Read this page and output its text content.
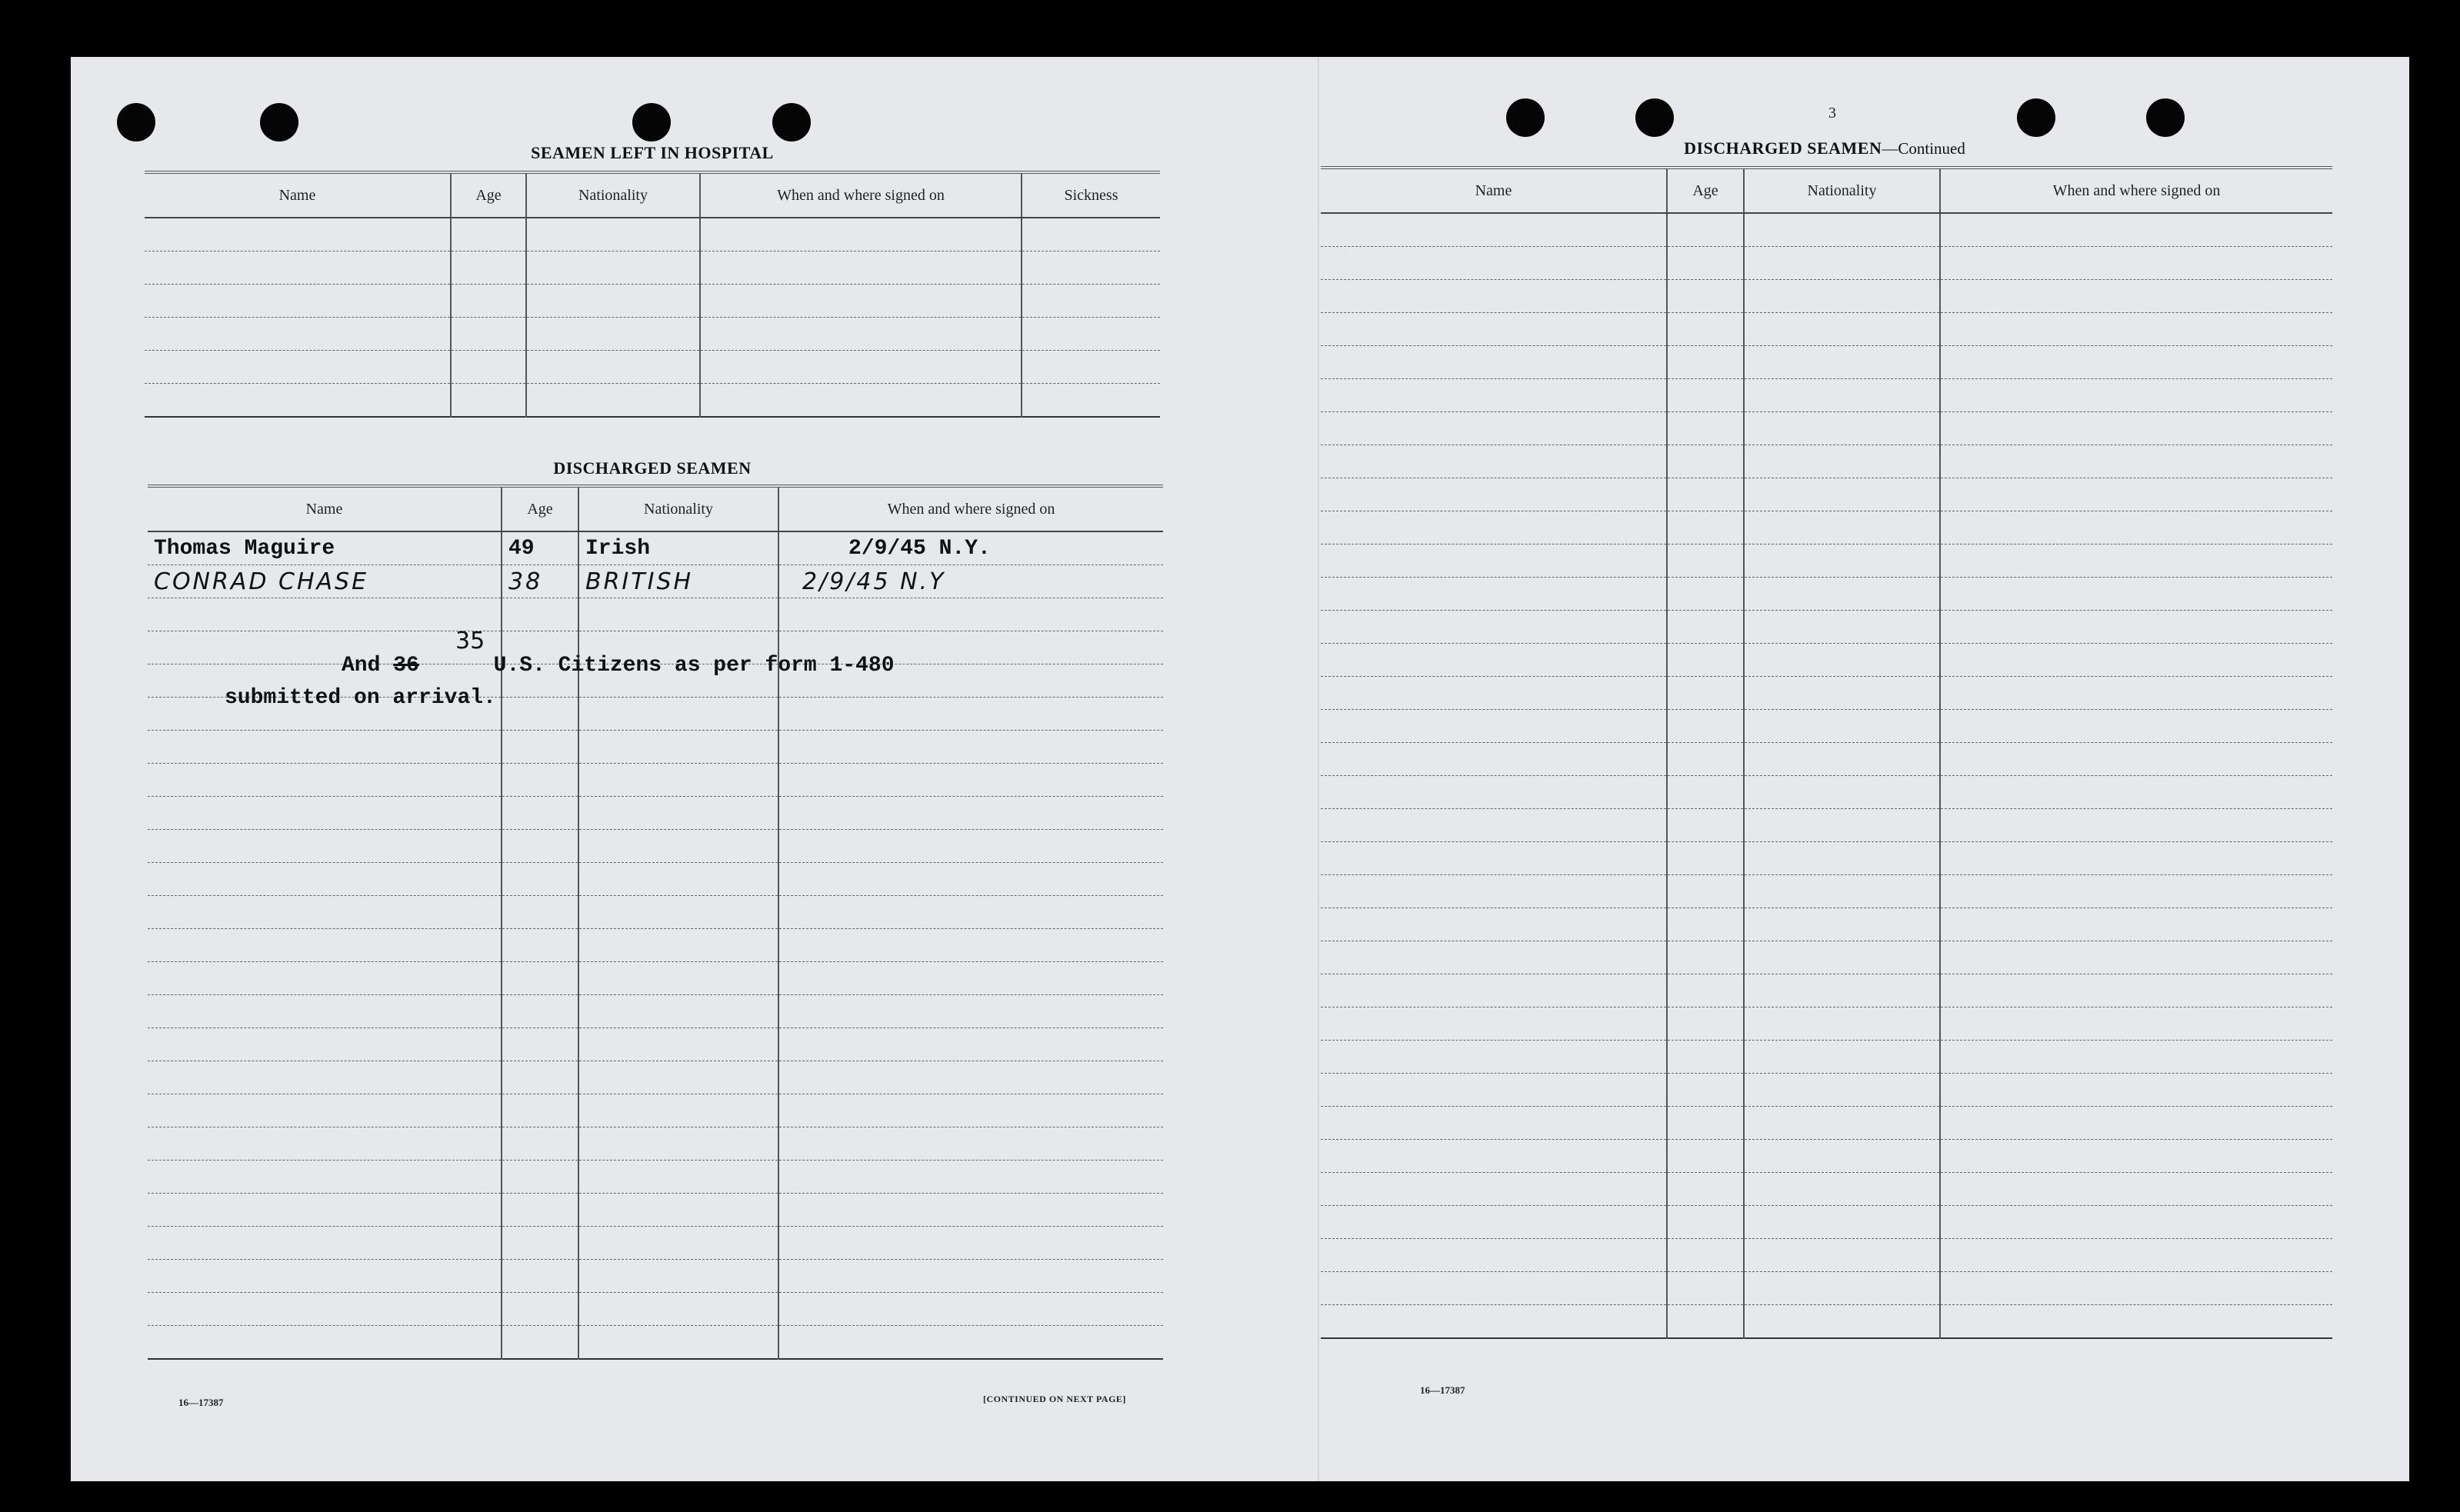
SEAMEN LEFT IN HOSPITAL
Name	Age	Nationality	When and where signed on	Sickness

DISCHARGED SEAMEN
Name	Age	Nationality	When and where signed on
Thomas Maguire	49	Irish	2/9/45 N.Y.
CONRAD CHASE	38	BRITISH	2/9/45 N.Y

And 36	U.S. Citizens as per form 1-480
35
submitted on arrival.
16—17387	[CONTINUED ON NEXT PAGE]
3
DISCHARGED SEAMEN—Continued
Name	Age	Nationality	When and where signed on

16—17387
